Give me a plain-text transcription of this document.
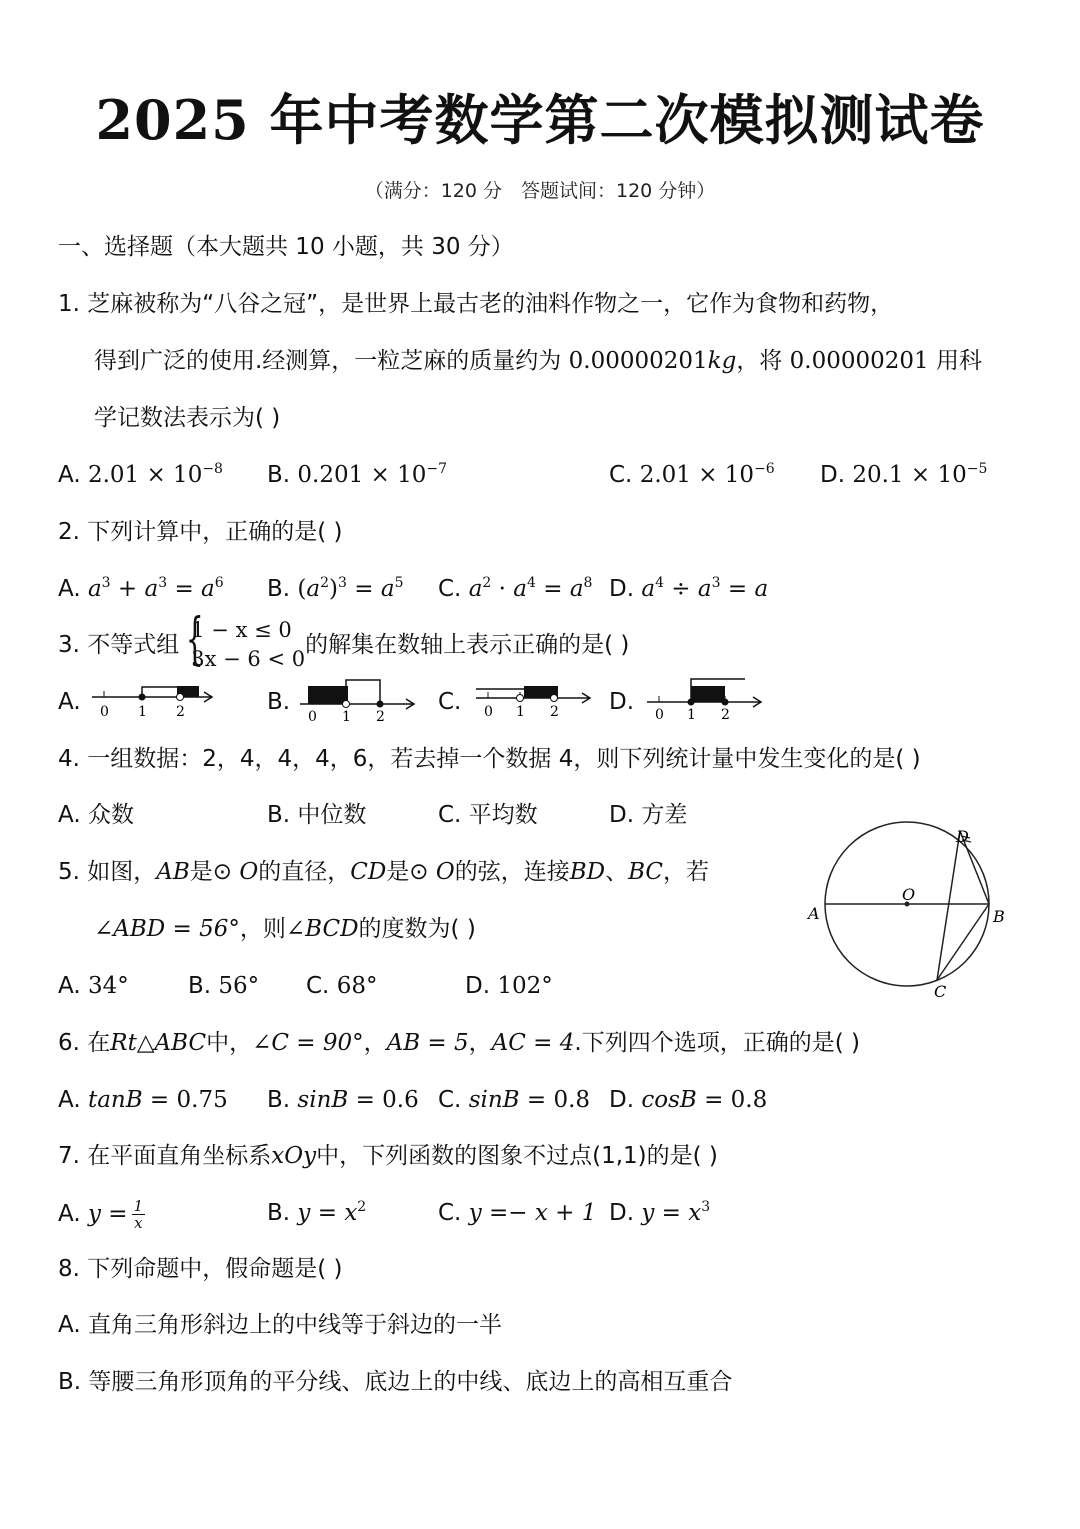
2025 年中考数学第二次模拟测试卷
（满分：120 分　答题试间：120 分钟）
一、选择题（本大题共 10 小题，共 30 分）
1. 芝麻被称为“八谷之冠”，是世界上最古老的油料作物之一，它作为食物和药物，
得到广泛的使用.经测算，一粒芝麻的质量约为 0.00000201kg，将 0.00000201 用科
学记数法表示为( )
A. $2.01 \times 10^{-8}$ B. $0.201 \times 10^{-7}$	C. $2.01 \times 10^{-6}$ D. $20.1 \times 10^{-5}$
2. 下列计算中，正确的是( )
A. $a^3 + a^3 = a^6$ B. $(a^2)^3 = a^5$ C. $a^2 \cdot a^4 = a^8$ D. $a^4 \div a^3 = a$
3. 不等式组 {
1 − x ≤ 0
3x − 6 < 0
的解集在数轴上表示正确的是( )
A. 0 1 2	B.
0 1 2
C. 0 1 2 D. 0 1 2
4. 一组数据：2，4，4，4，6，若去掉一个数据 4，则下列统计量中发生变化的是( )
A. 众数	B. 中位数	C. 平均数	D. 方差
5. 如图，AB是⊙ O的直径，CD是⊙ O的弦，连接BD、BC，若
∠ABD = 56°，则∠BCD的度数为( )
A. 34°	B. 56° C. 68°	D. 102°
A	B
C
D
O
6. 在Rt△ABC中，∠C = 90°，AB = 5，AC = 4.下列四个选项，正确的是( )
A. tanB = 0.75 B. sinB = 0.6 C. sinB = 0.8 D. cosB = 0.8
7. 在平面直角坐标系xOy中，下列函数的图象不过点(1,1)的是( )
A. $y = \frac{1}{x}$	B. $y = x^2$	C. y =− x + 1 D. $y = x^3$
8. 下列命题中，假命题是( )
A. 直角三角形斜边上的中线等于斜边的一半
B. 等腰三角形顶角的平分线、底边上的中线、底边上的高相互重合
